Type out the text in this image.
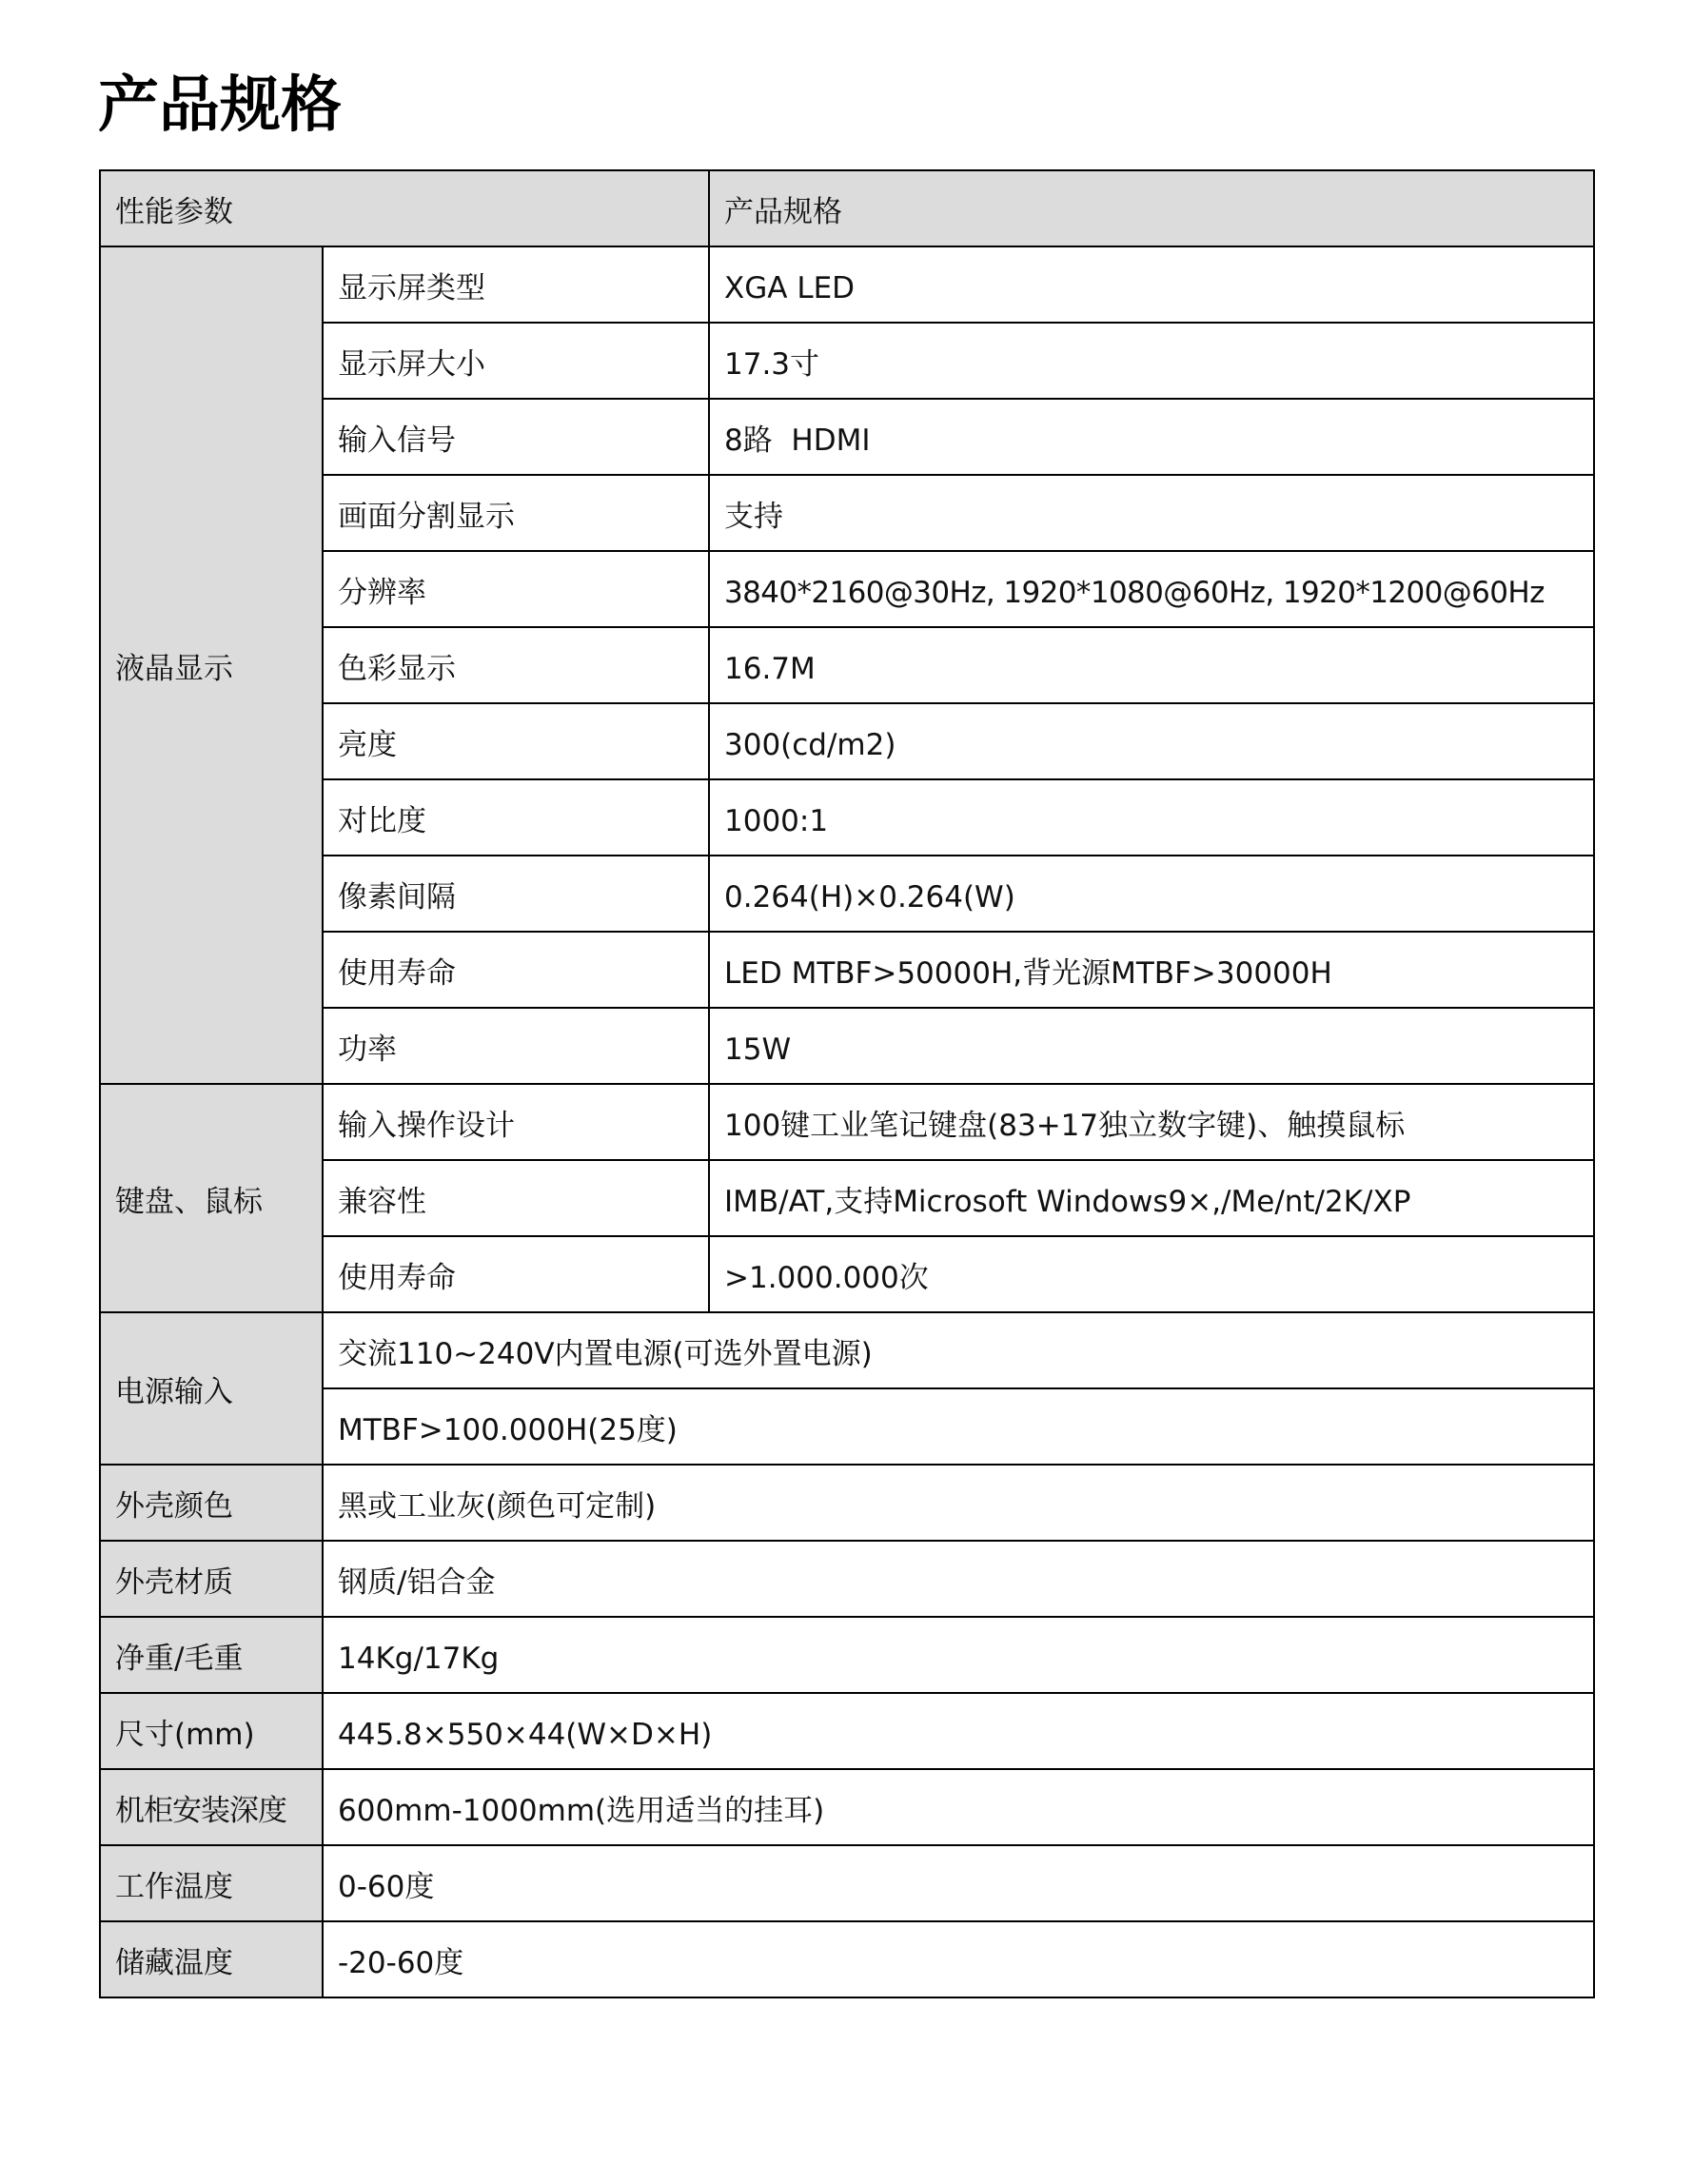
产品规格
性能参数		产品规格
液晶显示	显示屏类型	XGA LED
	显示屏大小	17.3寸
	输入信号	8路  HDMI
	画面分割显示	支持
	分辨率	3840*2160@30Hz, 1920*1080@60Hz, 1920*1200@60Hz
	色彩显示	16.7M
	亮度	300(cd/m2)
	对比度	1000:1
	像素间隔	0.264(H)×0.264(W)
	使用寿命	LED MTBF>50000H,背光源MTBF>30000H
	功率	15W
键盘、鼠标	输入操作设计	100键工业笔记键盘(83+17独立数字键)、触摸鼠标
	兼容性	IMB/AT,支持Microsoft Windows9×,/Me/nt/2K/XP
	使用寿命	>1.000.000次
电源输入	交流110~240V内置电源(可选外置电源)	
	MTBF>100.000H(25度)	
外壳颜色	黑或工业灰(颜色可定制)	
外壳材质	钢质/铝合金	
净重/毛重	14Kg/17Kg	
尺寸(mm)	445.8×550×44(W×D×H)	
机柜安装深度	600mm-1000mm(选用适当的挂耳)	
工作温度	0-60度	
储藏温度	-20-60度	
